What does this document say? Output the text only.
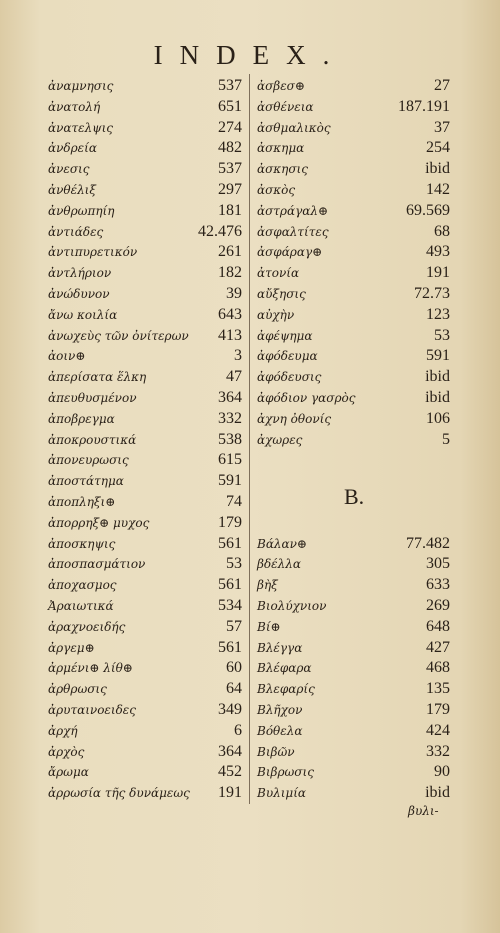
INDEX.
ἀναμνησις	537
ἀνατολή	651
ἀνατελψις	274
ἀνδρεία	482
ἀνεσις	537
ἀνθέλιξ	297
ἀνθρωπηίη	181
ἀντιάδες	42.476
ἀντιπυρετικόν	261
ἀντλήριον	182
ἀνώδυνον	39
ἄνω κοιλία	643
ἀνωχεὺς τῶν ὀνίτερων 413
ἀοιν⊕	3
ἀπερίσατα ἕλκη	47
ἀπευθυσμένον	364
ἀποβρεγμα	332
ἀποκρουστικά	538
ἀπονευρωσις	615
ἀποστάτημα	591
ἀποπληξι⊕	74
ἀπορρηξ⊕ μυχος	179
ἀποσκηψις	561
ἀποσπασμάτιον	53
ἀποχασμος	561
Ἀραιωτικά	534
ἀραχνοειδής	57
ἀργεμ⊕	561
ἀρμένι⊕ λίθ⊕	60
ἀρθρωσις	64
ἀρυταινοειδες	349
ἀρχή	6
ἀρχὸς	364
ἄρωμα	452
ἀρρωσία τῆς δυνάμεως 191
ἀσβεσ⊕	27
ἀσθένεια	187.191
ἀσθμαλικὸς	37
ἀσκημα	254
ἀσκησις	ibid
ἀσκὸς	142
ἀστράγαλ⊕	69.569
ἀσφαλτίτες	68
ἀσφάραγ⊕	493
ἀτονία	191
αὔξησις	72.73
αὐχὴν	123
ἀφέψημα	53
ἀφόδευμα	591
ἀφόδευσις	ibid
ἀφόδιον γασρὸς	ibid
ἀχνη ὀθονίς	106
ἀχωρες	5
Βάλαν⊕	77.482
βδέλλα	305
βὴξ	633
Βιολύχνιον	269
Βί⊕	648
Βλέγγα	427
Βλέφαρα	468
Βλεφαρίς	135
Βλῆχον	179
Βόθελα	424
Βιβῶν	332
Βιβρωσις	90
Βυλιμία	ibid
B.
βυλι-
